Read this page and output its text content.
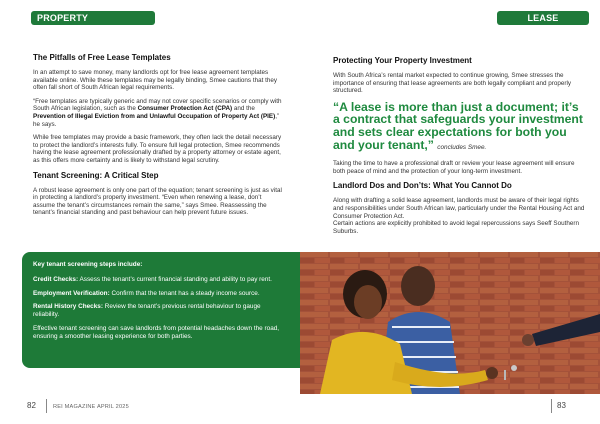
PROPERTY MANAGEMENT
The Pitfalls of Free Lease Templates
In an attempt to save money, many landlords opt for free lease agreement templates available online. While these templates may be legally binding, Smee cautions that they often fall short of South African legal requirements.
“Free templates are typically generic and may not cover specific scenarios or comply with South African legislation, such as the Consumer Protection Act (CPA) and the Prevention of Illegal Eviction from and Unlawful Occupation of Property Act (PIE),” he says.
While free templates may provide a basic framework, they often lack the detail necessary to protect the landlord’s interests fully. To ensure full legal protection, Smee recommends having the lease agreement professionally drafted by a property attorney or estate agent, as this offers more certainty and is likely to withstand legal scrutiny.
Tenant Screening: A Critical Step
A robust lease agreement is only one part of the equation; tenant screening is just as vital in protecting a landlord’s property investment. “Even when renewing a lease, don’t assume the tenant’s circumstances remain the same,” says Smee. Reassessing the tenant’s financial standing and past behaviour can help prevent future issues.
Key tenant screening steps include:
Credit Checks: Assess the tenant’s current financial standing and ability to pay rent.
Employment Verification: Confirm that the tenant has a steady income source.
Rental History Checks: Review the tenant’s previous rental behaviour to gauge reliability.
Effective tenant screening can save landlords from potential headaches down the road, ensuring a smoother leasing experience for both parties.
82	REI MAGAZINE APRIL 2025
LEASE AGREEMENTS
Protecting Your Property Investment
With South Africa’s rental market expected to continue growing, Smee stresses the importance of ensuring that lease agreements are both legally compliant and properly structured.
“A lease is more than just a document; it’s a contract that safeguards your investment and sets clear expectations for both you and your tenant,” concludes Smee.
Taking the time to have a professional draft or review your lease agreement will ensure both peace of mind and the protection of your long-term investment.
Landlord Dos and Don’ts: What You Cannot Do
Along with drafting a solid lease agreement, landlords must be aware of their legal rights and responsibilities under South African law, particularly under the Rental Housing Act and Consumer Protection Act.
Certain actions are explicitly prohibited to avoid legal repercussions says Seeff Southern Suburbs.
83
